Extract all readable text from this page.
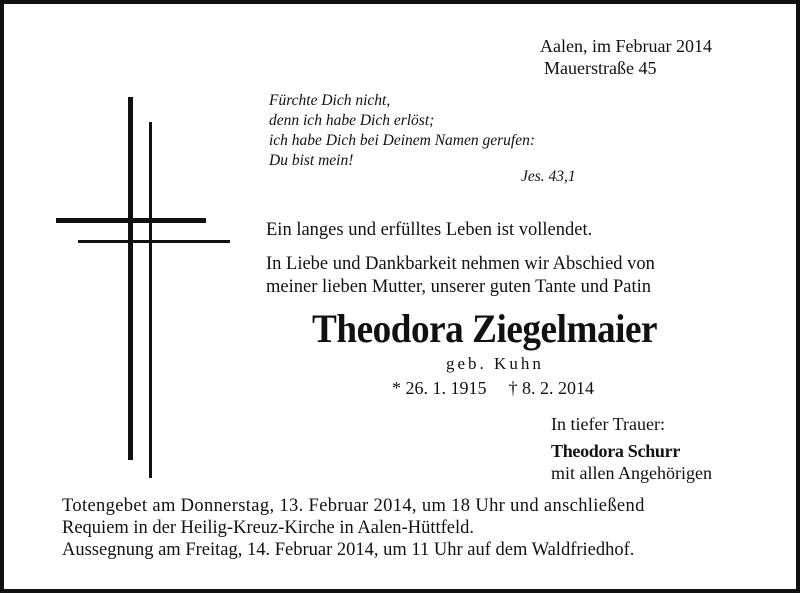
Aalen, im Februar 2014
Mauerstraße 45
Fürchte Dich nicht,
denn ich habe Dich erlöst;
ich habe Dich bei Deinem Namen gerufen:
Du bist mein!
Jes. 43,1
Ein langes und erfülltes Leben ist vollendet.
In Liebe und Dankbarkeit nehmen wir Abschied von
meiner lieben Mutter, unserer guten Tante und Patin
Theodora Ziegelmaier
geb. Kuhn
* 26. 1. 1915 † 8. 2. 2014
In tiefer Trauer:
Theodora Schurr
mit allen Angehörigen
Totengebet am Donnerstag, 13. Februar 2014, um 18 Uhr und anschließend
Requiem in der Heilig-Kreuz-Kirche in Aalen-Hüttfeld.
Aussegnung am Freitag, 14. Februar 2014, um 11 Uhr auf dem Waldfriedhof.
